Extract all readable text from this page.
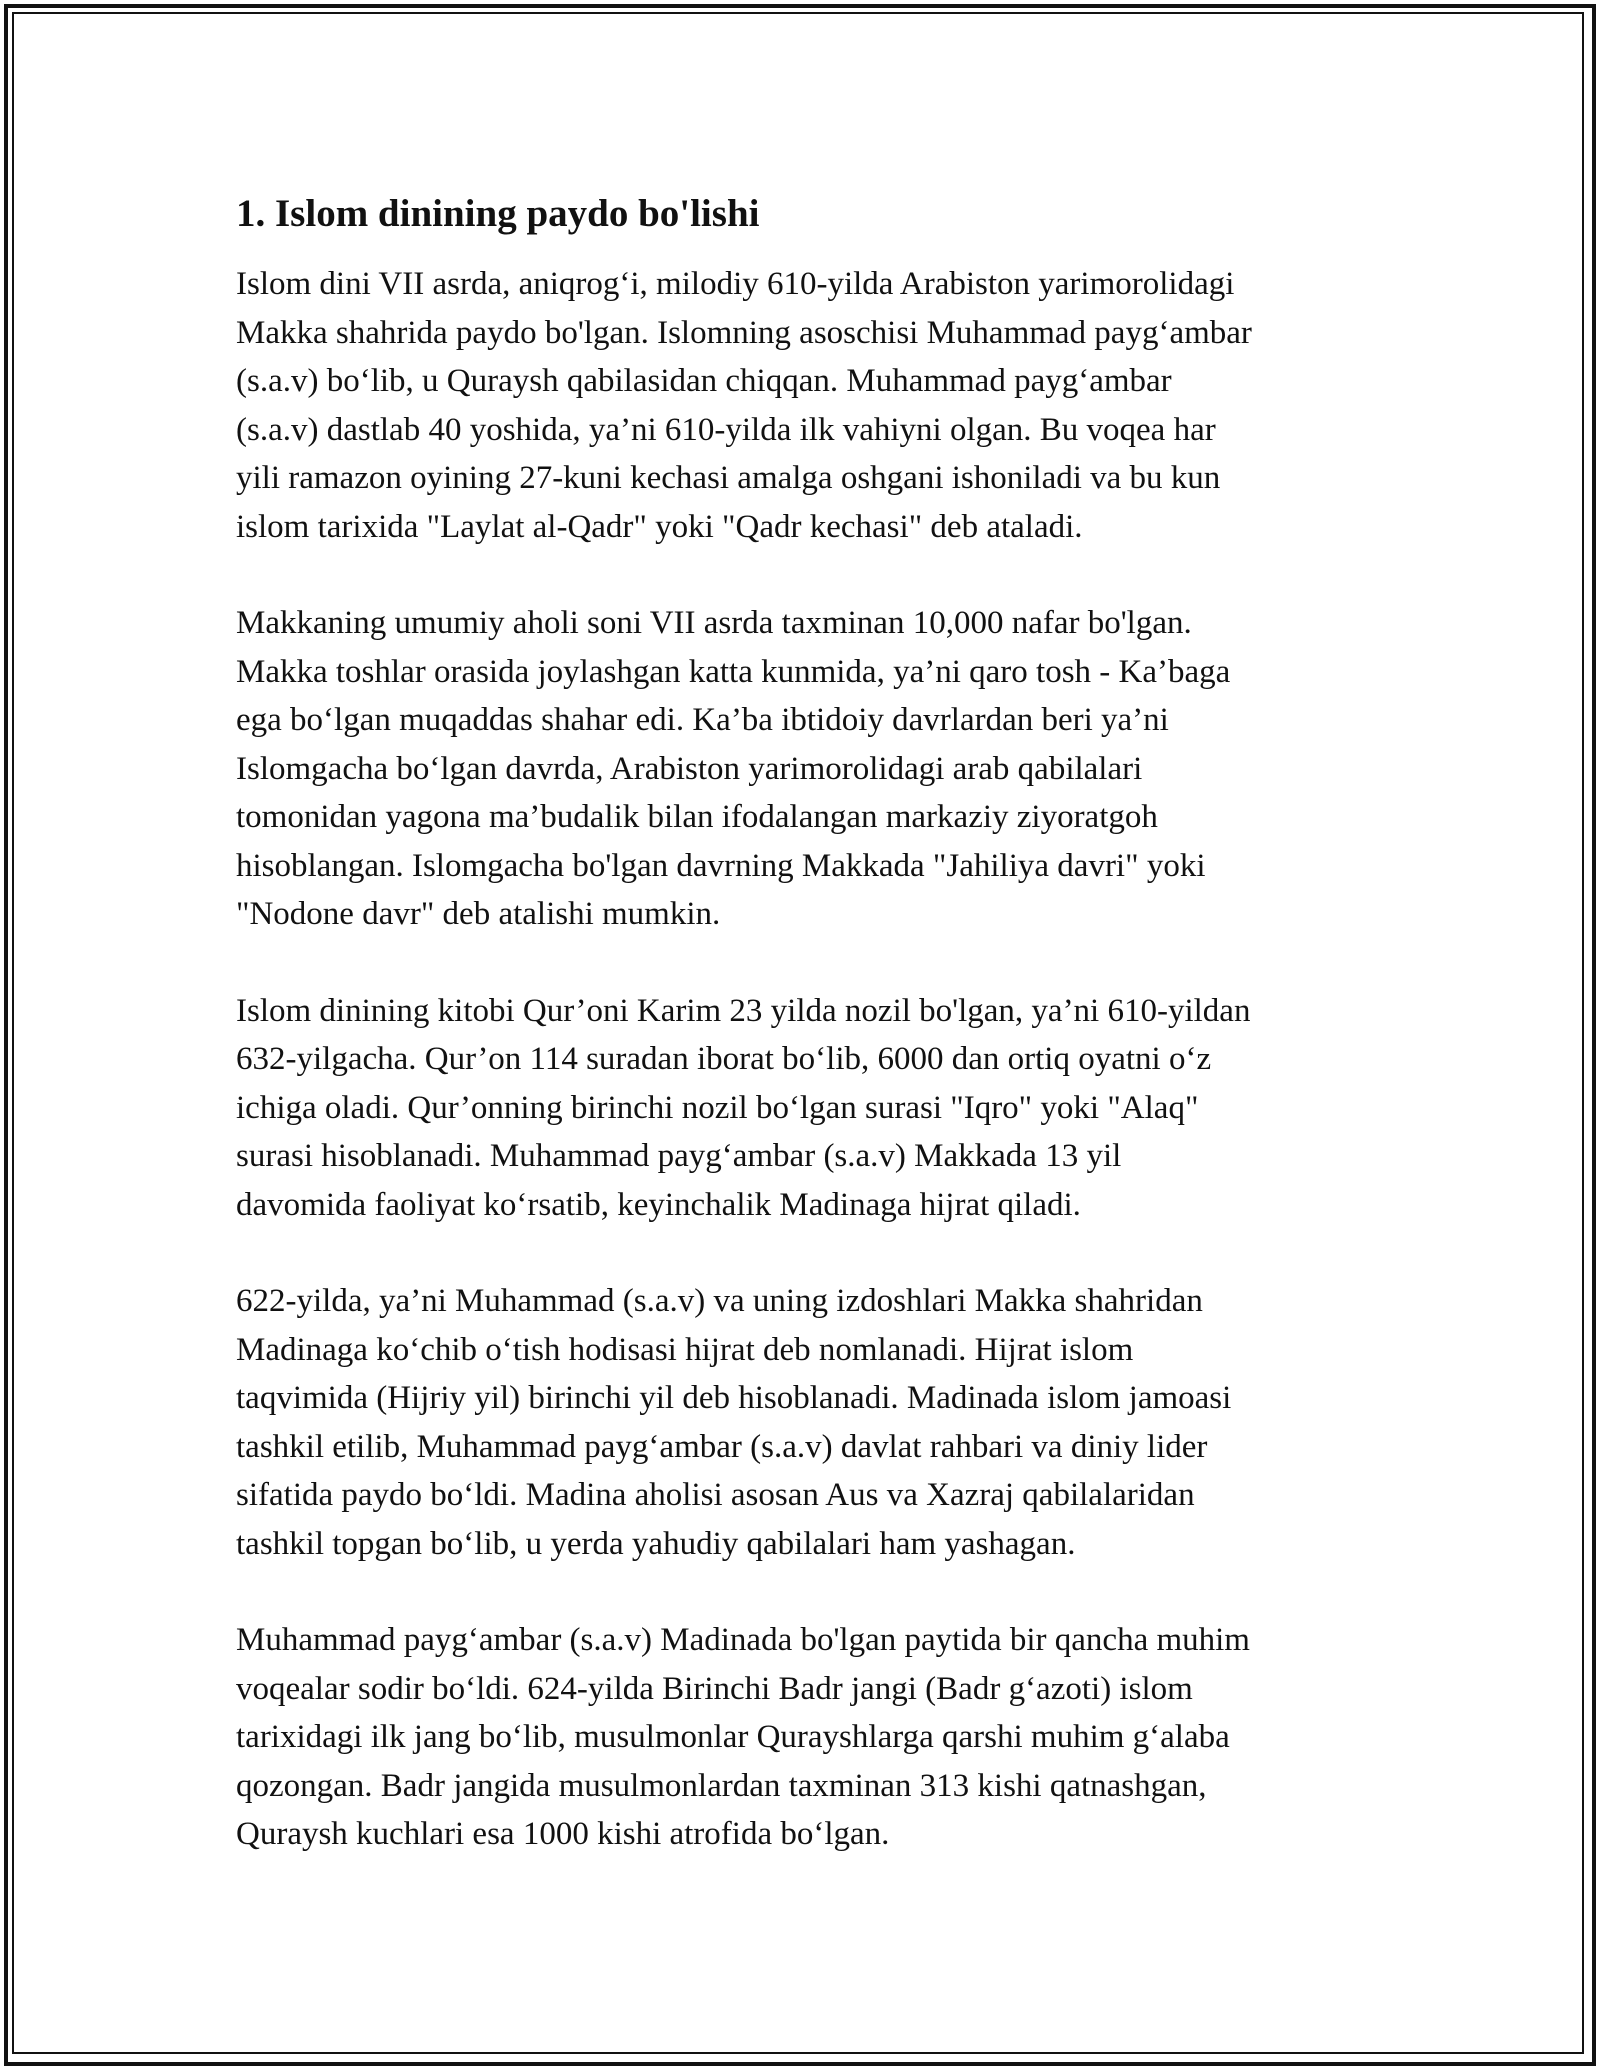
1. Islom dinining paydo bo'lishi

Islom dini VII asrda, aniqrog‘i, milodiy 610-yilda Arabiston yarimorolidagi
Makka shahrida paydo bo'lgan. Islomning asoschisi Muhammad payg‘ambar
(s.a.v) bo‘lib, u Quraysh qabilasidan chiqqan. Muhammad payg‘ambar
(s.a.v) dastlab 40 yoshida, ya’ni 610-yilda ilk vahiyni olgan. Bu voqea har
yili ramazon oyining 27-kuni kechasi amalga oshgani ishoniladi va bu kun
islom tarixida "Laylat al-Qadr" yoki "Qadr kechasi" deb ataladi.

Makkaning umumiy aholi soni VII asrda taxminan 10,000 nafar bo'lgan.
Makka toshlar orasida joylashgan katta kunmida, ya’ni qaro tosh - Ka’baga
ega bo‘lgan muqaddas shahar edi. Ka’ba ibtidoiy davrlardan beri ya’ni
Islomgacha bo‘lgan davrda, Arabiston yarimorolidagi arab qabilalari
tomonidan yagona ma’budalik bilan ifodalangan markaziy ziyoratgoh
hisoblangan. Islomgacha bo'lgan davrning Makkada "Jahiliya davri" yoki
"Nodone davr" deb atalishi mumkin.

Islom dinining kitobi Qur’oni Karim 23 yilda nozil bo'lgan, ya’ni 610-yildan
632-yilgacha. Qur’on 114 suradan iborat bo‘lib, 6000 dan ortiq oyatni o‘z
ichiga oladi. Qur’onning birinchi nozil bo‘lgan surasi "Iqro" yoki "Alaq"
surasi hisoblanadi. Muhammad payg‘ambar (s.a.v) Makkada 13 yil
davomida faoliyat ko‘rsatib, keyinchalik Madinaga hijrat qiladi.

622-yilda, ya’ni Muhammad (s.a.v) va uning izdoshlari Makka shahridan
Madinaga ko‘chib o‘tish hodisasi hijrat deb nomlanadi. Hijrat islom
taqvimida (Hijriy yil) birinchi yil deb hisoblanadi. Madinada islom jamoasi
tashkil etilib, Muhammad payg‘ambar (s.a.v) davlat rahbari va diniy lider
sifatida paydo bo‘ldi. Madina aholisi asosan Aus va Xazraj qabilalaridan
tashkil topgan bo‘lib, u yerda yahudiy qabilalari ham yashagan.

Muhammad payg‘ambar (s.a.v) Madinada bo'lgan paytida bir qancha muhim
voqealar sodir bo‘ldi. 624-yilda Birinchi Badr jangi (Badr g‘azoti) islom
tarixidagi ilk jang bo‘lib, musulmonlar Qurayshlarga qarshi muhim g‘alaba
qozongan. Badr jangida musulmonlardan taxminan 313 kishi qatnashgan,
Quraysh kuchlari esa 1000 kishi atrofida bo‘lgan.
